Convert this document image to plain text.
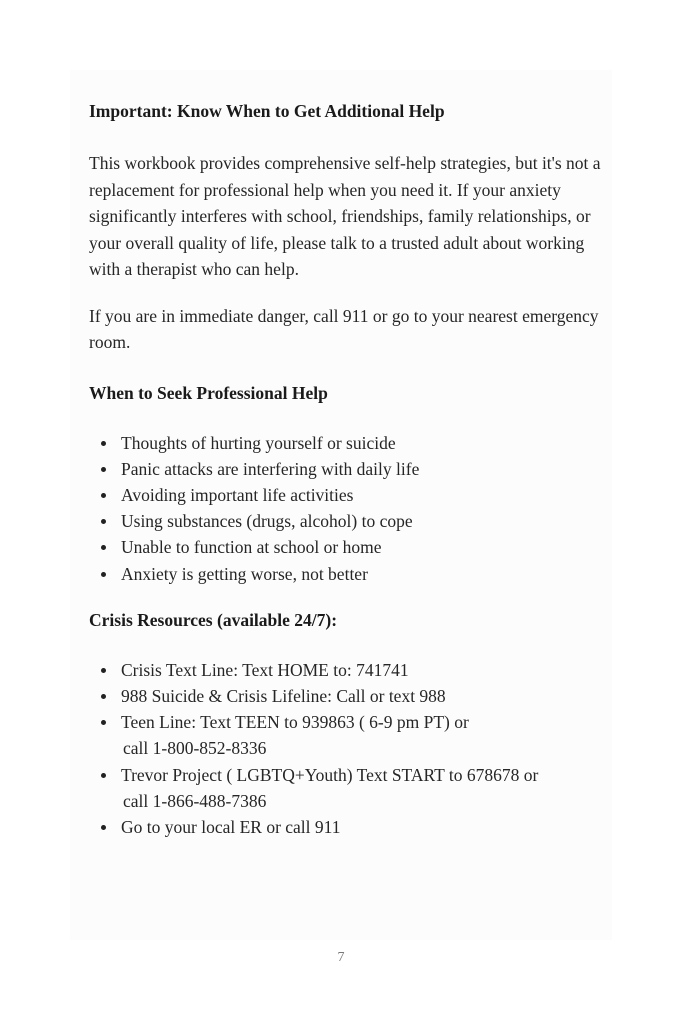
Important: Know When to Get Additional Help

This workbook provides comprehensive self-help strategies, but it's not a replacement for professional help when you need it. If your anxiety significantly interferes with school, friendships, family relationships, or your overall quality of life, please talk to a trusted adult about working with a therapist who can help.

If you are in immediate danger, call 911 or go to your nearest emergency room.

When to Seek Professional Help
Thoughts of hurting yourself or suicide
Panic attacks are interfering with daily life
Avoiding important life activities
Using substances (drugs, alcohol) to cope
Unable to function at school or home
Anxiety is getting worse, not better
Crisis Resources (available 24/7):
Crisis Text Line: Text HOME to: 741741
988 Suicide & Crisis Lifeline: Call or text 988
Teen Line: Text TEEN to 939863 ( 6-9 pm PT) or
call 1-800-852-8336
Trevor Project ( LGBTQ+Youth) Text START to 678678 or
call 1-866-488-7386
Go to your local ER or call 911
7
